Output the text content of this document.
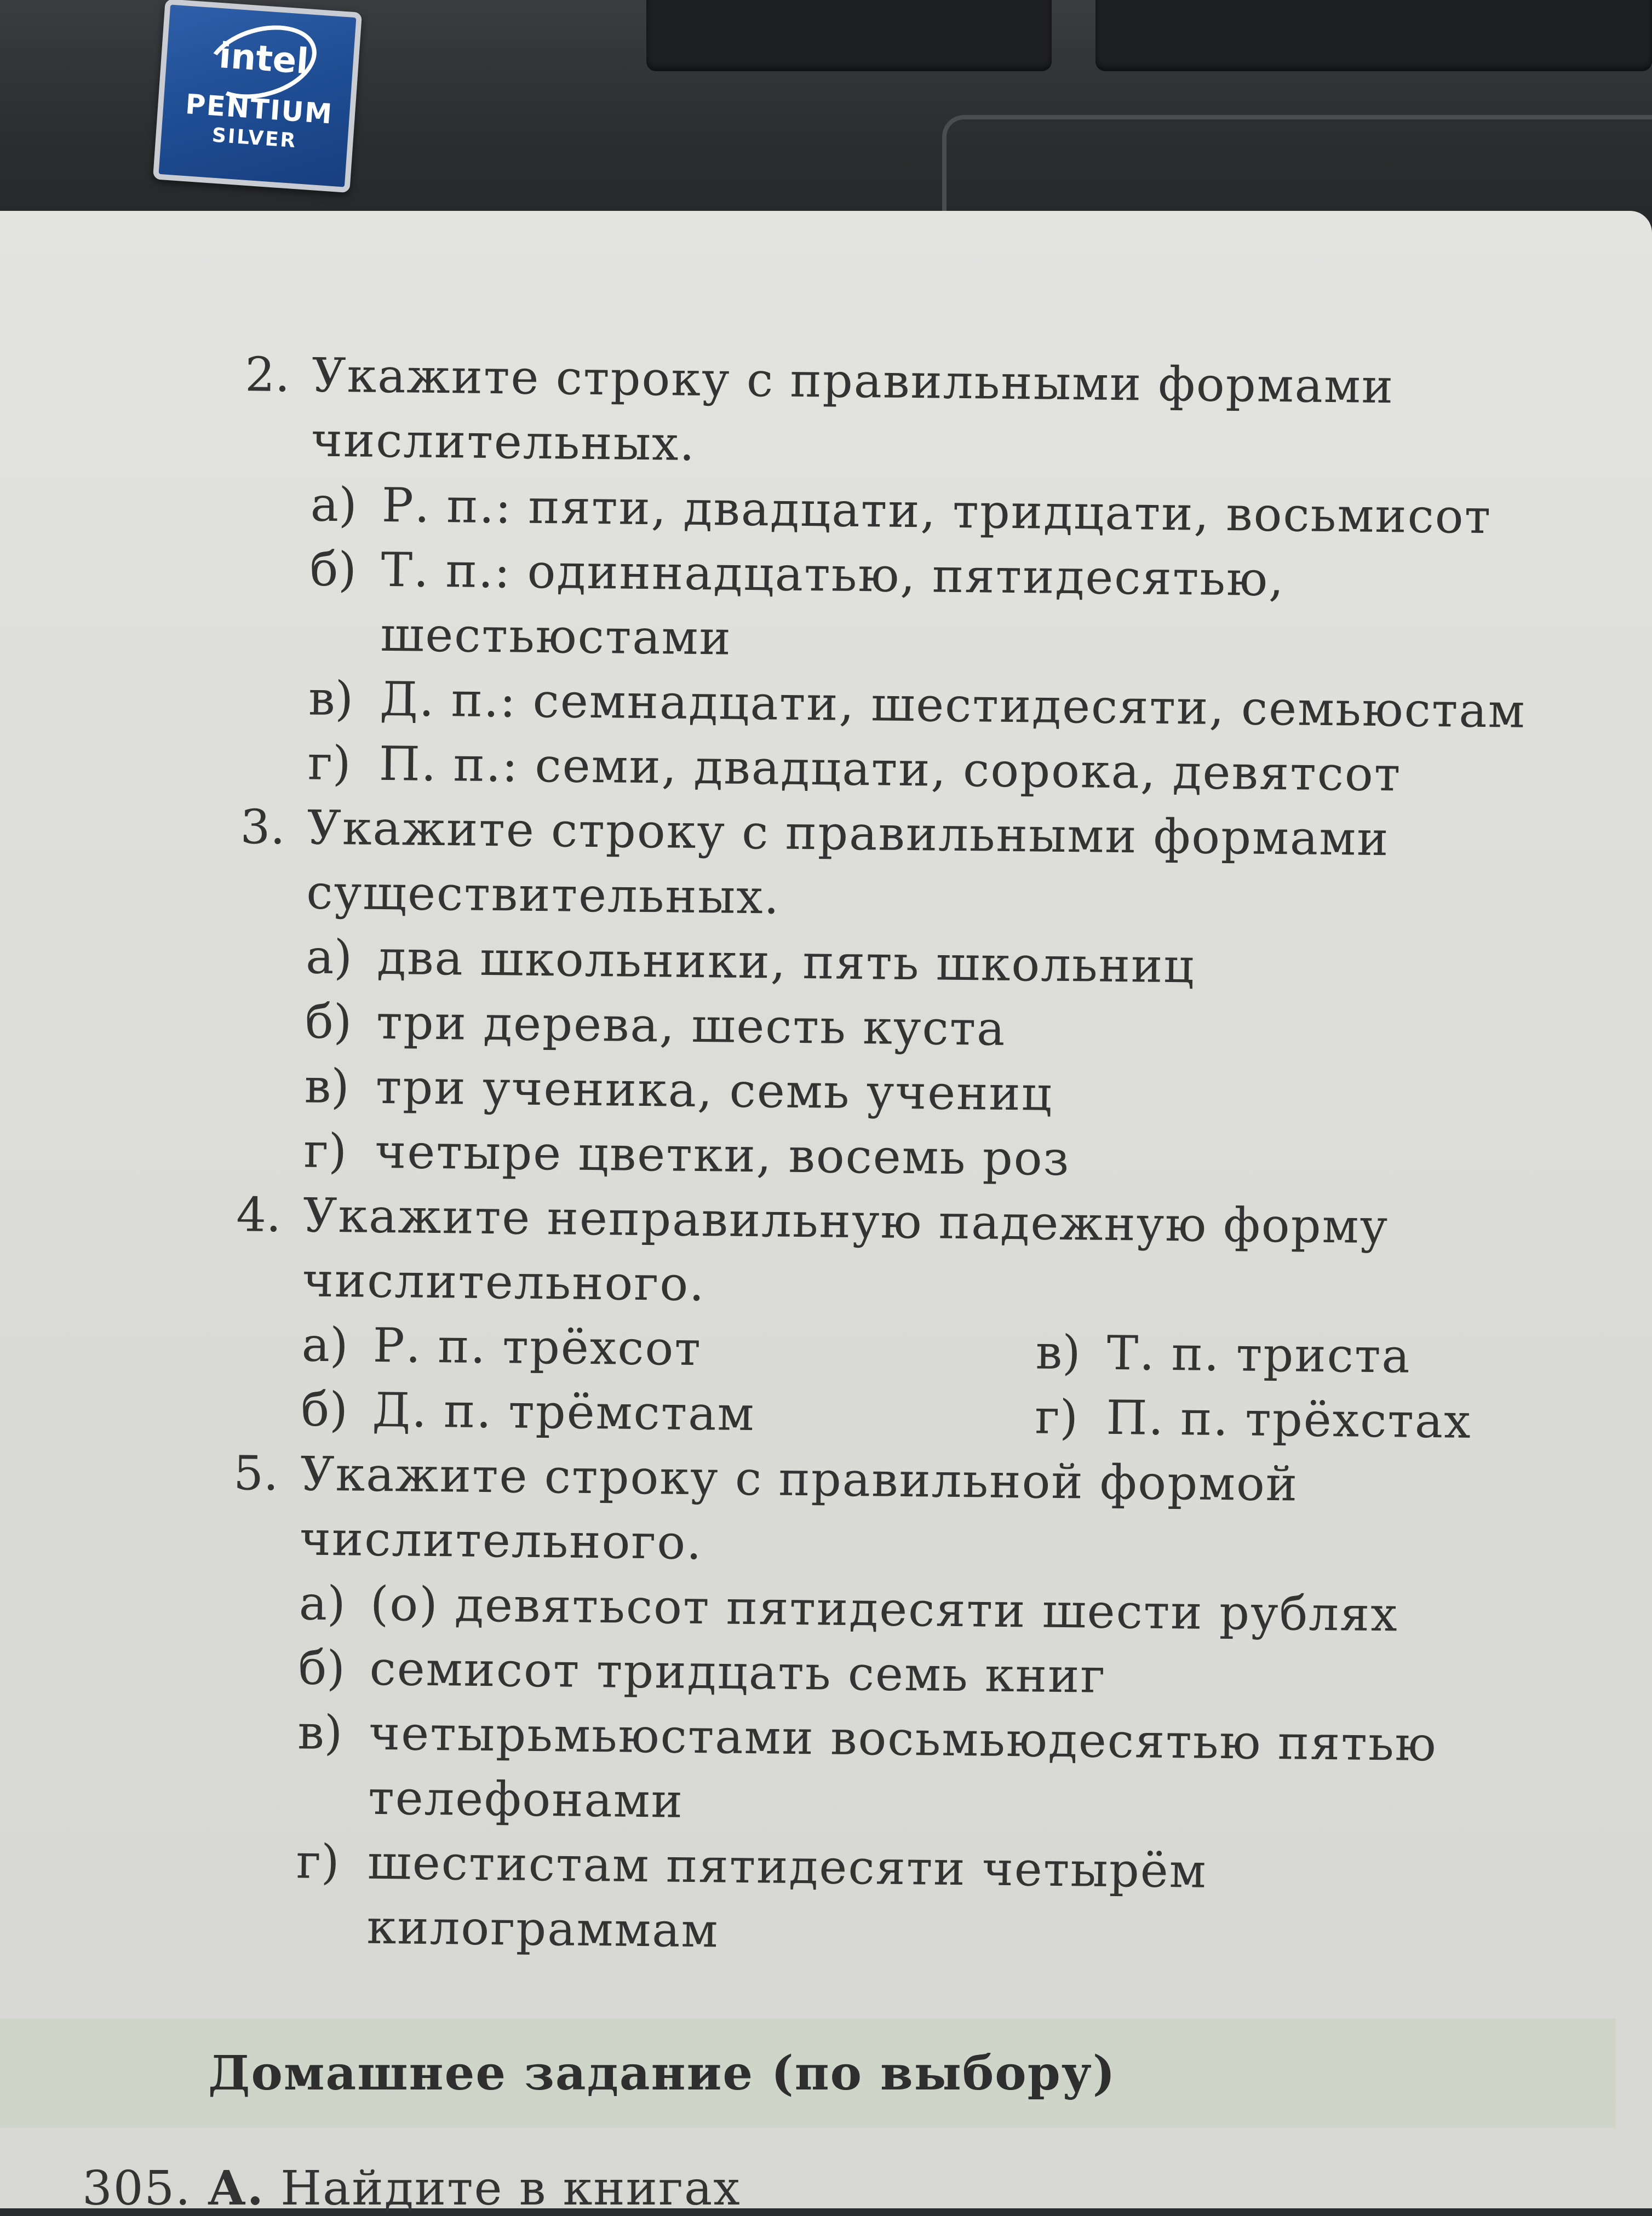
intel
PENTIUM
SILVER
2. Укажите строку с правильными формами числительных.
а) Р. п.: пяти, двадцати, тридцати, восьмисот
б) Т. п.: одиннадцатью, пятидесятью, шестьюстами
в) Д. п.: семнадцати, шестидесяти, семьюстам
г) П. п.: семи, двадцати, сорока, девятсот
3. Укажите строку с правильными формами существительных.
а) два школьники, пять школьниц
б) три дерева, шесть куста
в) три ученика, семь учениц
г) четыре цветки, восемь роз
4. Укажите неправильную падежную форму числительного.
а) Р. п. трёхсот	в) Т. п. триста
б) Д. п. трёмстам	г) П. п. трёхстах
5. Укажите строку с правильной формой числительного.
а) (о) девятьсот пятидесяти шести рублях
б) семисот тридцать семь книг
в) четырьмьюстами восьмьюдесятью пятью телефонами
г) шестистам пятидесяти четырём килограммам
Домашнее задание (по выбору)
305. А. Найдите в книгах
